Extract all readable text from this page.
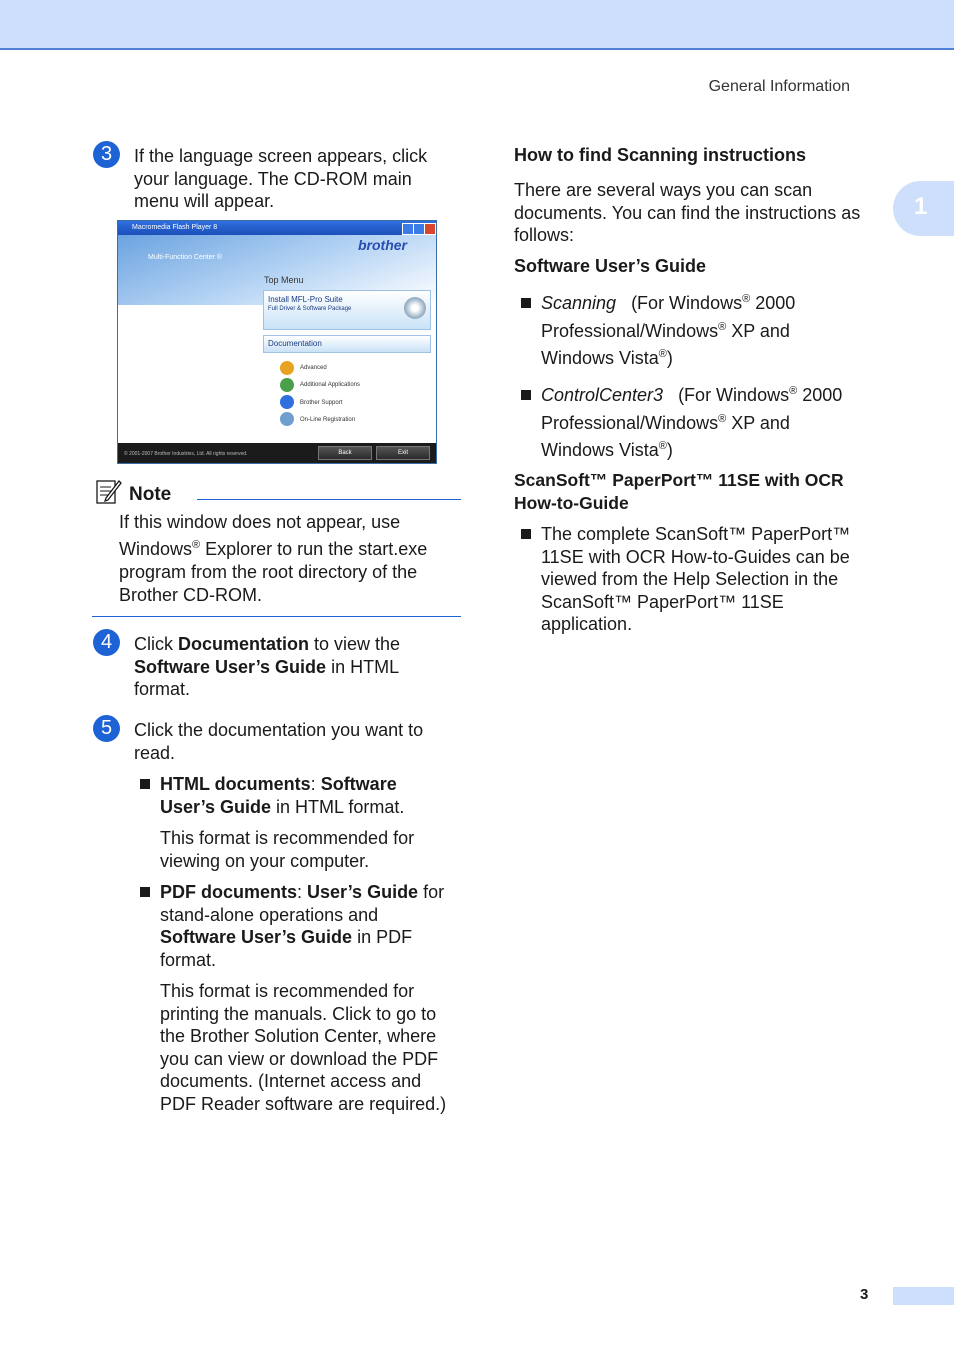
General Information
1
3	If the language screen appears, click
your language. The CD-ROM main
menu will appear.
Macromedia Flash Player 8
Multi-Function Center ®
brother
Top Menu
Install MFL-Pro Suite
Full Driver & Software Package
Documentation
Advanced
Additional Applications
Brother Support
On-Line Registration
© 2001-2007 Brother Industries, Ltd. All rights reserved.	Back	Exit
Note
If this window does not appear, use
Windows® Explorer to run the start.exe
program from the root directory of the
Brother CD-ROM.
4	Click Documentation to view the
Software User’s Guide in HTML
format.
5	Click the documentation you want to
read.
HTML documents: Software
User’s Guide in HTML format.
This format is recommended for
viewing on your computer.
PDF documents: User’s Guide for
stand-alone operations and
Software User’s Guide in PDF
format.
This format is recommended for
printing the manuals. Click to go to
the Brother Solution Center, where
you can view or download the PDF
documents. (Internet access and
PDF Reader software are required.)
How to find Scanning instructions
There are several ways you can scan
documents. You can find the instructions as
follows:
Software User’s Guide
Scanning   (For Windows® 2000
Professional/Windows® XP and
Windows Vista®)
ControlCenter3   (For Windows® 2000
Professional/Windows® XP and
Windows Vista®)
ScanSoft™ PaperPort™ 11SE with OCR
How-to-Guide
The complete ScanSoft™ PaperPort™
11SE with OCR How-to-Guides can be
viewed from the Help Selection in the
ScanSoft™ PaperPort™ 11SE
application.
3
